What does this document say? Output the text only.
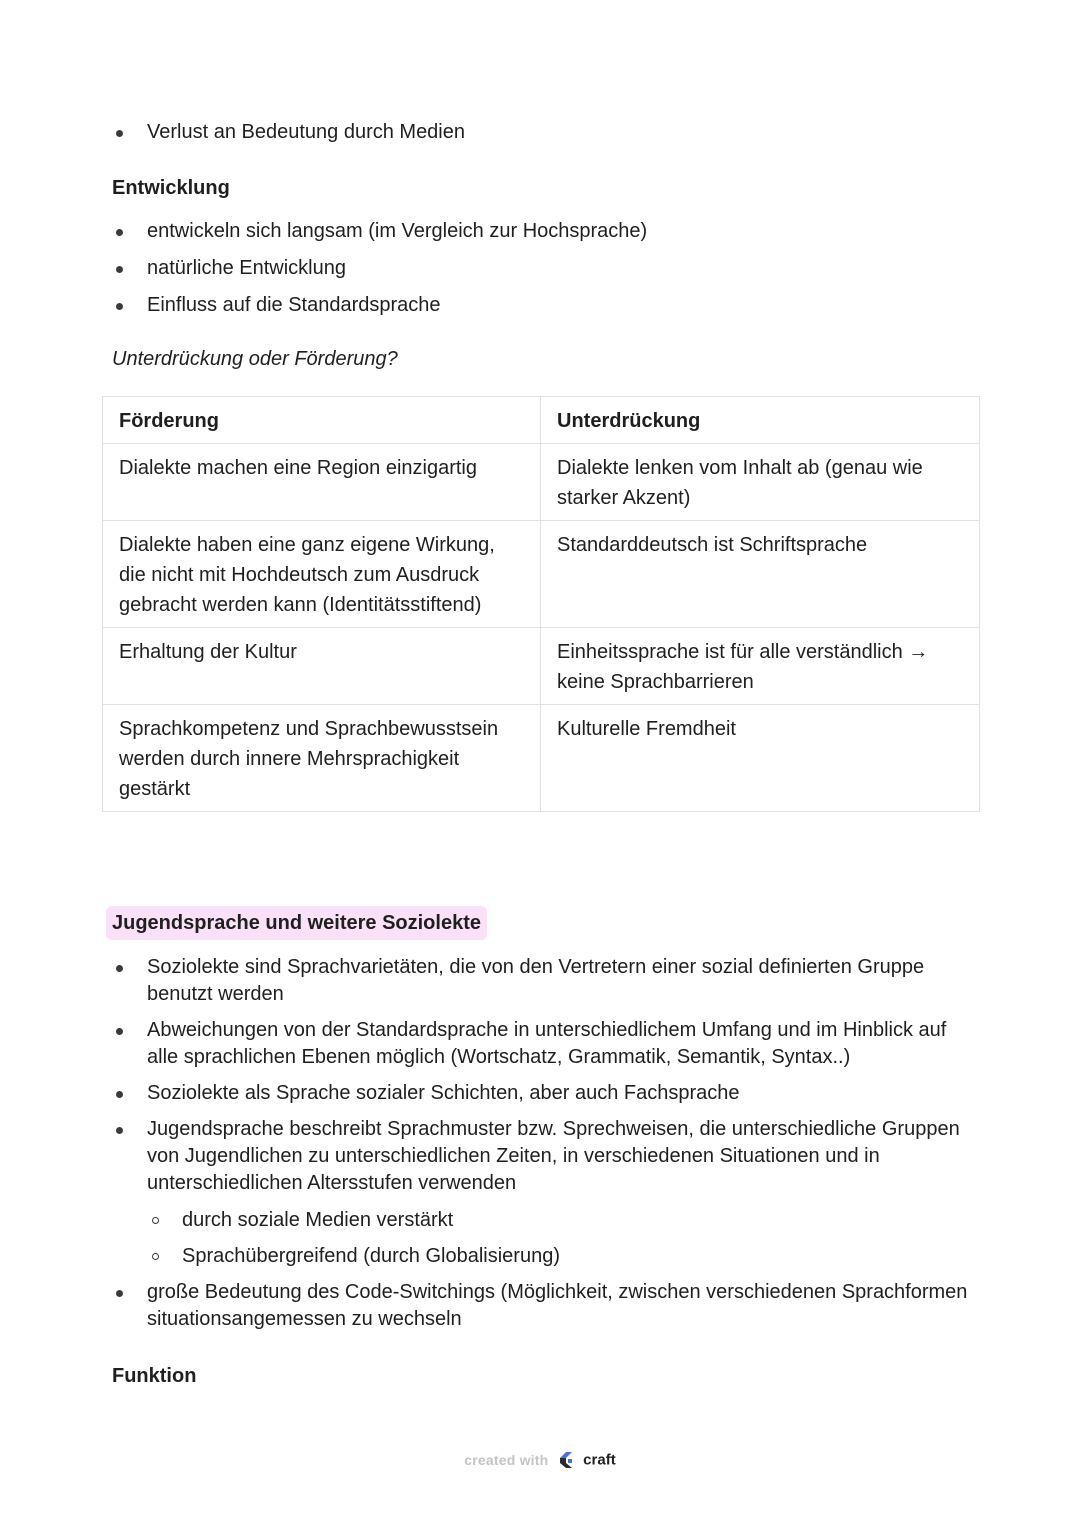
Verlust an Bedeutung durch Medien
Entwicklung
entwickeln sich langsam (im Vergleich zur Hochsprache)
natürliche Entwicklung
Einfluss auf die Standardsprache
Unterdrückung oder Förderung?
Förderung	Unterdrückung
Dialekte machen eine Region einzigartig	Dialekte lenken vom Inhalt ab (genau wie starker Akzent)
Dialekte haben eine ganz eigene Wirkung, die nicht mit Hochdeutsch zum Ausdruck gebracht werden kann (Identitätsstiftend)	Standarddeutsch ist Schriftsprache
Erhaltung der Kultur	Einheitssprache ist für alle verständlich → keine Sprachbarrieren
Sprachkompetenz und Sprachbewusstsein werden durch innere Mehrsprachigkeit gestärkt	Kulturelle Fremdheit
Jugendsprache und weitere Soziolekte
Soziolekte sind Sprachvarietäten, die von den Vertretern einer sozial definierten Gruppe benutzt werden
Abweichungen von der Standardsprache in unterschiedlichem Umfang und im Hinblick auf alle sprachlichen Ebenen möglich (Wortschatz, Grammatik, Semantik, Syntax..)
Soziolekte als Sprache sozialer Schichten, aber auch Fachsprache
Jugendsprache beschreibt Sprachmuster bzw. Sprechweisen, die unterschiedliche Gruppen von Jugendlichen zu unterschiedlichen Zeiten, in verschiedenen Situationen und in unterschiedlichen Altersstufen verwenden
durch soziale Medien verstärkt
Sprachübergreifend (durch Globalisierung)
große Bedeutung des Code-Switchings (Möglichkeit, zwischen verschiedenen Sprachformen situationsangemessen zu wechseln
Funktion
created with craft
